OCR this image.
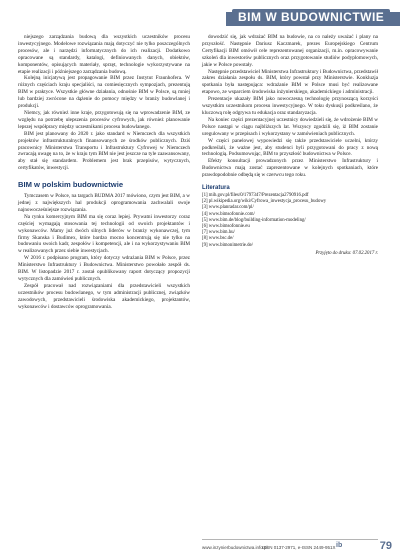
BIM W BUDOWNICTWIE

niejszego zarządzania budową dla wszystkich uczestników procesu inwestycyjnego. Modelowe rozwiązania mają dotyczyć nie tylko poszczególnych procesów, ale i narzędzi informatycznych do ich realizacji. Dodatkowo opracowane są standardy, katalogi, definiowanych danych, obiektów, komponentów, opisujących materiały, sprzęt, technologie wykorzystywane na etapie realizacji i późniejszego zarządzania budową.

Kolejną inicjatywą jest propagowanie BIM przez Instytut Fraunhofera. W różnych częściach kraju specjaliści, na comiesięcznych sympozjach, prezentują BIM w praktyce. Wszystkie główne działania, odnośnie BIM w Polsce, są mniej lub bardziej zwrócone na dążenie do pomocy między w branży budowlanej i produkcji.

Niemcy, jak również inne kraje, przygotowują się na wprowadzenie BIM, ze względu na potrzebę ulepszenia procesów cyfrowych, jak również planowanie lepszej współpracy między uczestnikami procesu budowlanego.

BIM jest planowany do 2020 r. jako standard w Niemczech dla wszystkich projektów infrastrukturalnych finansowanych ze środków publicznych. Dziś pracownicy Ministerstwa Transportu i Infrastruktury Cyfrowej w Niemczech zwracają uwagę na to, że w kraju tym BIM nie jest jeszcze na tyle zaawansowany, aby stał się standardem. Problemem jest brak przepisów, wytycznych, certyfikatów, inwestycji.

BIM w polskim budownictwie

Tymczasem w Polsce, na targach BUDMA 2017 mówiono, czym jest BIM, a w jednej z największych hal produkcji oprogramowania zachwalali swoje najnowocześniejsze rozwiązania.

Na rynku komercyjnym BIM ma się coraz lepiej. Prywatni inwestorzy coraz częściej wymagają stosowania tej technologii od swoich projektantów i wykonawców. Mamy już dwóch silnych liderów w branży wykonawczej, tym firmy Skanska i Budimex, które bardzo mocno koncentrują się nie tylko na budowaniu swoich kadr, zespołów i kompetencji, ale i na wykorzystywaniu BIM w realizowanych przez siebie inwestycjach.

W 2016 r. podpisano program, który dotyczy wdrażania BIM w Polsce, przez Ministerstwo Infrastruktury i Budownictwa. Ministerstwo powołało zespół ds. BIM. W listopadzie 2017 r. został opublikowany raport dotyczący propozycji wytycznych dla zamówień publicznych.

Zespół pracował nad rozwiązaniami dla przedstawicieli wszystkich uczestników procesu budowlanego, w tym administracji publicznej, związków zawodowych, przedstawicieli środowiska akademickiego, projektantów, wykonawców i dostawców oprogramowania.

dowodzić się, jak wdrażać BIM na budowie, na co należy uważać i plany na przyszłość. Następnie Dariusz Kaczmarek, prezes Europejskiego Centrum Certyfikacji BIM omówił cele reprezentowanej organizacji, m.in. opracowywanie szkoleń dla inwestorów publicznych oraz przygotowanie studiów podyplomowych, jakie w Polsce powstały.

Następnie przedstawiciel Ministerstwa Infrastruktury i Budownictwa, przedstawił zakres działania zespołu ds. BIM, który powstał przy Ministerstwie. Konkluzja spotkania była następująca: wdrażanie BIM w Polsce musi być realizowane etapowo, ze wsparciem środowiska inżynierskiego, akademickiego i administracji.

Prezentacje ukazały BIM jako nowoczesną technologię przynoszącą korzyści wszystkim uczestnikom procesu inwestycyjnego. W toku dyskusji podkreślano, że kluczową rolę odgrywa tu edukacja oraz standaryzacja.

Na koniec części prezentacyjnej uczestnicy dowiedzieli się, że wdrożenie BIM w Polsce nastąpi w ciągu najbliższych lat. Wszyscy zgodzili się, iż BIM zostanie uregulowany w przepisach i wykorzystany w zamówieniach publicznych.

W części panelowej wypowiedzi się także przedstawiciele uczelni, którzy podkreślali, że ważne jest, aby studenci byli przygotowani do pracy z nową technologią. Podsumowując, BIM to przyszłość budownictwa w Polsce.

Efekty konsultacji prowadzonych przez Ministerstwo Infrastruktury i Budownictwa mają zostać zaprezentowane w kolejnych spotkaniach, które prawdopodobnie odbędą się w czerwcu tego roku.

Literatura
[1] mib.gov.pl/files/0/1797347/Prezentacja2790916.pdf
[2] pl.wikipedia.org/wiki/Cyfrowa_inwestycja_procesu_budowy
[3] www.planradar.com/pl/
[4] www.bimsofonnie.com/
[5] www.bim.de/blog/building-information-modeling/
[6] www.bimsofonnie.eu
[7] www.bim.hu/
[8] www.bsc.de/
[9] www.bimonimetrie.de/
Przyjęto do druku: 07.02.2017 r.
www.inzynierbudownictwa.info.pl
ISSN 0137-2971, e-ISSN 2449-951X ib	79
